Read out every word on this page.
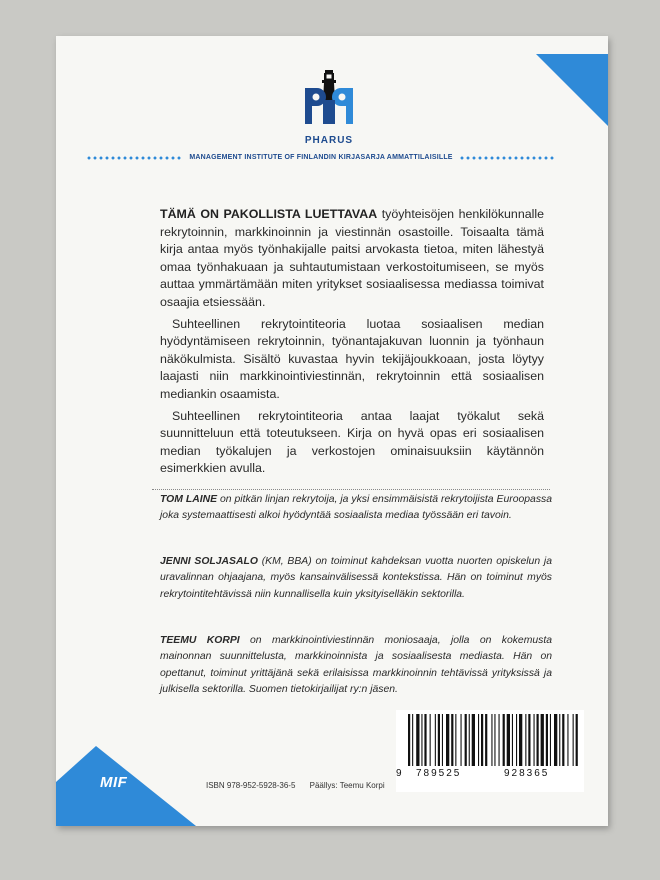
PHARUS
MANAGEMENT INSTITUTE OF FINLANDIN KIRJASARJA AMMATTILAISILLE

TÄMÄ ON PAKOLLISTA LUETTAVAA työyhteisöjen henkilökunnalle rekrytoinnin, markkinoinnin ja viestinnän osastoille. Toisaalta tämä kirja antaa myös työnhakijalle paitsi arvokasta tietoa, miten lähestyä omaa työnhakuaan ja suhtautumistaan verkostoitumiseen, se myös auttaa ymmärtämään miten yritykset sosiaalisessa mediassa toimivat osaajia etsiessään.

Suhteellinen rekrytointiteoria luotaa sosiaalisen median hyödyntämiseen rekrytoinnin, työnantajakuvan luonnin ja työnhaun näkökulmista. Sisältö kuvastaa hyvin tekijäjoukkoaan, josta löytyy laajasti niin markkinointiviestinnän, rekrytoinnin että sosiaalisen mediankin osaamista.

Suhteellinen rekrytointiteoria antaa laajat työkalut sekä suunnitteluun että toteutukseen. Kirja on hyvä opas eri sosiaalisen median työkalujen ja verkostojen ominaisuuksiin käytännön esimerkkien avulla.

TOM LAINE on pitkän linjan rekrytoija, ja yksi ensimmäisistä rekrytoijista Euroopassa joka systemaattisesti alkoi hyödyntää sosiaalista mediaa työssään eri tavoin.
JENNI SOLJASALO (KM, BBA) on toiminut kahdeksan vuotta nuorten opiskelun ja uravalinnan ohjaajana, myös kansainvälisessä kontekstissa. Hän on toiminut myös rekrytointitehtävissä niin kunnallisella kuin yksityiselläkin sektorilla.
TEEMU KORPI on markkinointiviestinnän moniosaaja, jolla on kokemusta mainonnan suunnittelusta, markkinoinnista ja sosiaalisesta mediasta. Hän on opettanut, toiminut yrittäjänä sekä erilaisissa markkinoinnin tehtävissä yrityksissä ja julkisella sektorilla. Suomen tietokirjailijat ry:n jäsen.
9 789525	928365
MIF	ISBN 978-952-5928-36-5 Päällys: Teemu Korpi
